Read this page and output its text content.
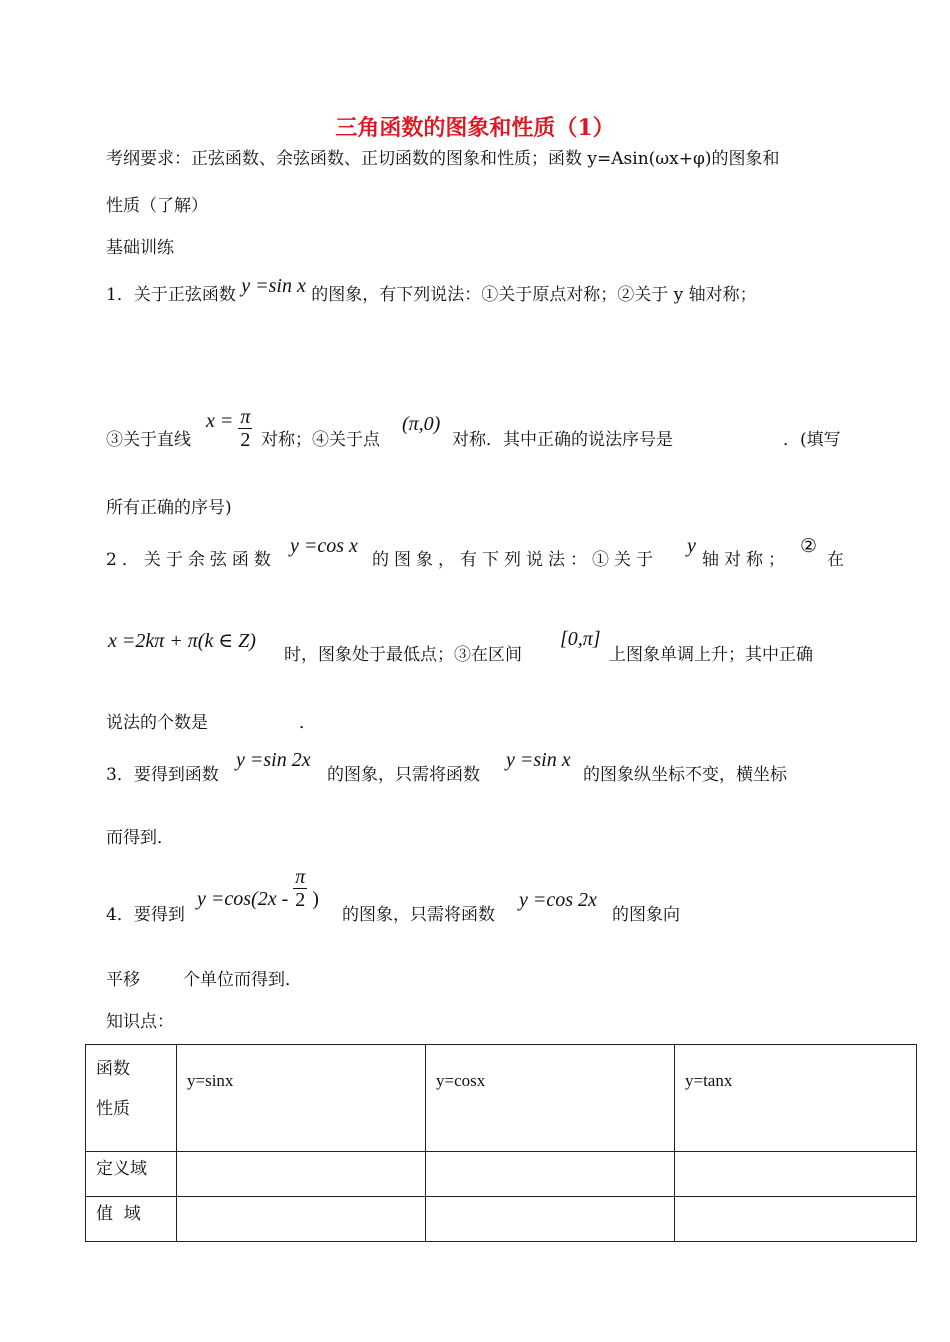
三角函数的图象和性质（1）
考纲要求：正弦函数、余弦函数、正切函数的图象和性质；函数 y=Asin(ωx+φ)的图象和
性质（了解）
基础训练
1．关于正弦函数 y =sin x 的图象，有下列说法：①关于原点对称；②关于 y 轴对称；
③关于直线
$x = \frac{\pi}{2}$ 对称；④关于点
(π,0)
对称．其中正确的说法序号是	．(填写
所有正确的序号)
2．关于余弦函数
y =cos x
的图象，有下列说法：①关于
y
轴对称；
②
在
x =2kπ + π(k ∈ Z)
时，图象处于最低点；③在区间
[0,π]
上图象单调上升；其中正确
说法的个数是	．
3．要得到函数
y =sin 2x
的图象，只需将函数
y =sin x
的图象纵坐标不变，横坐标
而得到．
4．要得到
$y =\cos(2x - \frac{\pi}{2}$ )
的图象，只需将函数
y =cos 2x
的图象向
平移	个单位而得到．
知识点：
函数
性质	y=sinx	y=cosx	y=tanx
定义域			
值  域			
